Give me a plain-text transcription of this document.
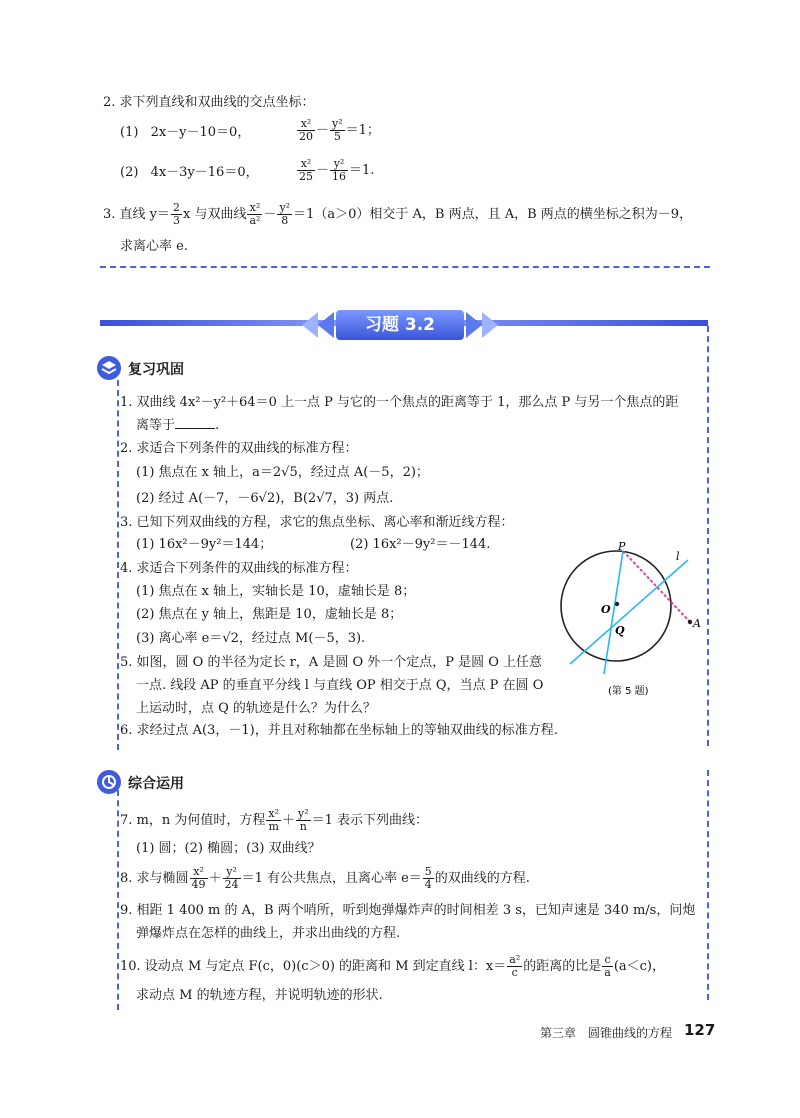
2. 求下列直线和双曲线的交点坐标：
(1) 2x－y－10＝0，	$\frac{\text{x²}}{20} - \frac{\text{y²}}{5} =1$；
(2) 4x－3y－16＝0，	$\frac{\text{x²}}{25} - \frac{\text{y²}}{16} =1$.
3. 直线 $y= \frac{2}{3}$ x 与双曲线 $\frac{\text{x²}}{\text{a²}} - \frac{\text{y²}}{8} =1(a>0)$相交于 A，B 两点，且 A，B 两点的横坐标之积为－9，
求离心率 e.
习题 3.2
复习巩固
1. 双曲线 4x²－y²＋64＝0 上一点 P 与它的一个焦点的距离等于 1，那么点 P 与另一个焦点的距
离等于	.
2. 求适合下列条件的双曲线的标准方程：
(1) 焦点在 x 轴上，a＝2√5，经过点 A(－5，2)；
(2) 经过 A(－7，－6√2)，B(2√7，3) 两点.
3. 已知下列双曲线的方程，求它的焦点坐标、离心率和渐近线方程：
(1) 16x²－9y²＝144；	(2) 16x²－9y²＝－144.
4. 求适合下列条件的双曲线的标准方程：
(1) 焦点在 x 轴上，实轴长是 10，虚轴长是 8；
(2) 焦点在 y 轴上，焦距是 10，虚轴长是 8；
(3) 离心率 e＝√2，经过点 M(－5，3).
5. 如图，圆 O 的半径为定长 r，A 是圆 O 外一个定点，P 是圆 O 上任意
一点. 线段 AP 的垂直平分线 l 与直线 OP 相交于点 Q，当点 P 在圆 O
上运动时，点 Q 的轨迹是什么？为什么？
6. 求经过点 A(3，－1)，并且对称轴都在坐标轴上的等轴双曲线的标准方程.
P
l
O
Q
A
(第 5 题)
综合运用
7. m，n 为何值时，方程 $\frac{\text{x²}}{m} + \frac{\text{y²}}{n} =1$ 表示下列曲线：
(1) 圆；(2) 椭圆；(3) 双曲线？
8. 求与椭圆 $\frac{\text{x²}}{49} + \frac{\text{y²}}{24} =1$ 有公共焦点，且离心率 $e= \frac{5}{4}$ 的双曲线的方程.
9. 相距 1 400 m 的 A，B 两个哨所，听到炮弹爆炸声的时间相差 3 s，已知声速是 340 m/s，问炮
弹爆炸点在怎样的曲线上，并求出曲线的方程.
10. 设动点 M 与定点 F(c，0)(c＞0) 的距离和 M 到定直线 l：$x= \frac{\text{a²}}{c}$ 的距离的比是 $\frac{c}{a} (a<c)$，
求动点 M 的轨迹方程，并说明轨迹的形状.
第三章　圆锥曲线的方程 127
